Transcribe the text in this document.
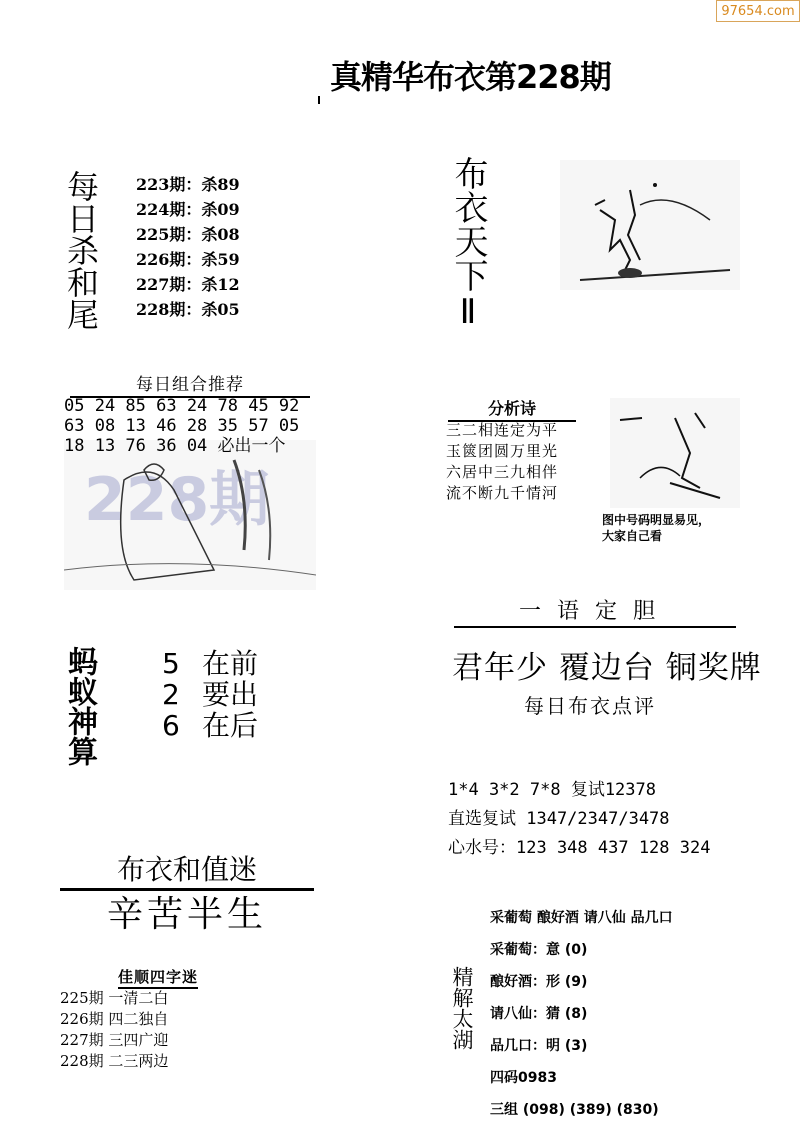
97654.com
真精华布衣第228期
每日杀和尾 223期：杀89
224期：杀09
225期：杀08
226期：杀59
227期：杀12
228期：杀05	布衣天下Ⅱ
每日组合推荐
228期
05 24 85 63 24 78 45 92
63 08 13 46 28 35 57 05
18 13 76 36 04 必出一个
分析诗
三二相连定为平
玉篋团圆万里光
六居中三九相伴
流不断九千情河
图中号码明显易见，
大家自己看
一语定胆
君年少 覆边台 铜奖牌
每日布衣点评
蚂蚁神算 5 在前
2 要出
6 在后
1*4 3*2 7*8 复试12378
直选复试 1347/2347/3478
心水号：123 348 437 128 324
布衣和值迷
辛苦半生
佳顺四字迷
225期 一清二白
226期 四二独自
227期 三四广迎
228期 二三两边
精解太湖
采葡萄 酿好酒 请八仙 品几口
采葡萄：意 (0)
酿好酒：形 (9)
请八仙：猜 (8)
品几口：明 (3)
四码0983
三组 (098) (389) (830)
